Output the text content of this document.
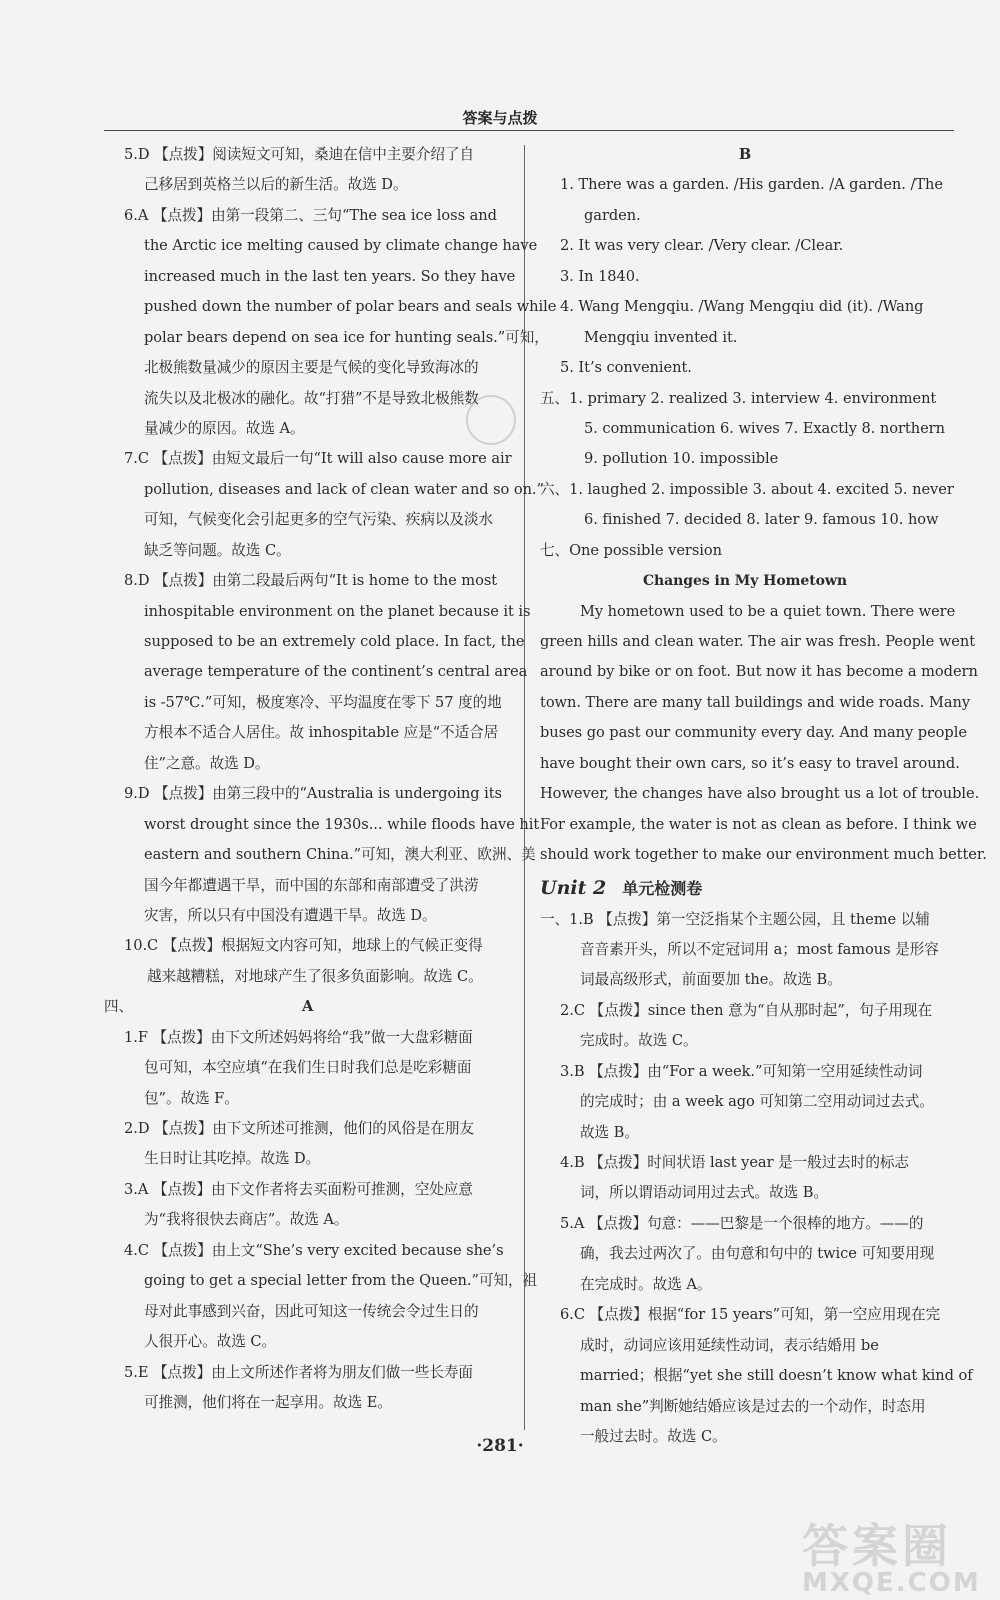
答案与点拨
5.D 【点拨】阅读短文可知，桑迪在信中主要介绍了自
己移居到英格兰以后的新生活。故选 D。
6.A 【点拨】由第一段第二、三句“The sea ice loss and
the Arctic ice melting caused by climate change have
increased much in the last ten years. So they have
pushed down the number of polar bears and seals while
polar bears depend on sea ice for hunting seals.”可知，
北极熊数量减少的原因主要是气候的变化导致海冰的
流失以及北极冰的融化。故“打猎”不是导致北极熊数
量减少的原因。故选 A。
7.C 【点拨】由短文最后一句“It will also cause more air
pollution, diseases and lack of clean water and so on.”
可知，气候变化会引起更多的空气污染、疾病以及淡水
缺乏等问题。故选 C。
8.D 【点拨】由第二段最后两句“It is home to the most
inhospitable environment on the planet because it is
supposed to be an extremely cold place. In fact, the
average temperature of the continent’s central area
is -57℃.”可知，极度寒冷、平均温度在零下 57 度的地
方根本不适合人居住。故 inhospitable 应是“不适合居
住”之意。故选 D。
9.D 【点拨】由第三段中的“Australia is undergoing its
worst drought since the 1930s... while floods have hit
eastern and southern China.”可知，澳大利亚、欧洲、美
国今年都遭遇干旱，而中国的东部和南部遭受了洪涝
灾害，所以只有中国没有遭遇干旱。故选 D。
10.C 【点拨】根据短文内容可知，地球上的气候正变得
越来越糟糕，对地球产生了很多负面影响。故选 C。
四、	A
1.F 【点拨】由下文所述妈妈将给“我”做一大盘彩糖面
包可知，本空应填“在我们生日时我们总是吃彩糖面
包”。故选 F。
2.D 【点拨】由下文所述可推测，他们的风俗是在朋友
生日时让其吃掉。故选 D。
3.A 【点拨】由下文作者将去买面粉可推测，空处应意
为“我将很快去商店”。故选 A。
4.C 【点拨】由上文“She’s very excited because she’s
going to get a special letter from the Queen.”可知，祖
母对此事感到兴奋，因此可知这一传统会令过生日的
人很开心。故选 C。
5.E 【点拨】由上文所述作者将为朋友们做一些长寿面
可推测，他们将在一起享用。故选 E。
B
1. There was a garden. /His garden. /A garden. /The
garden.
2. It was very clear. /Very clear. /Clear.
3. In 1840.
4. Wang Mengqiu. /Wang Mengqiu did (it). /Wang
Mengqiu invented it.
5. It’s convenient.
五、1. primary 2. realized 3. interview 4. environment
5. communication 6. wives 7. Exactly 8. northern
9. pollution 10. impossible
六、1. laughed 2. impossible 3. about 4. excited 5. never
6. finished 7. decided 8. later 9. famous 10. how
七、One possible version
Changes in My Hometown
My hometown used to be a quiet town. There were
green hills and clean water. The air was fresh. People went
around by bike or on foot. But now it has become a modern
town. There are many tall buildings and wide roads. Many
buses go past our community every day. And many people
have bought their own cars, so it’s easy to travel around.
However, the changes have also brought us a lot of trouble.
For example, the water is not as clean as before. I think we
should work together to make our environment much better.
Unit 2 单元检测卷
一、1.B 【点拨】第一空泛指某个主题公园，且 theme 以辅
音音素开头，所以不定冠词用 a；most famous 是形容
词最高级形式，前面要加 the。故选 B。
2.C 【点拨】since then 意为“自从那时起”，句子用现在
完成时。故选 C。
3.B 【点拨】由“For a week.”可知第一空用延续性动词
的完成时；由 a week ago 可知第二空用动词过去式。
故选 B。
4.B 【点拨】时间状语 last year 是一般过去时的标志
词，所以谓语动词用过去式。故选 B。
5.A 【点拨】句意：——巴黎是一个很棒的地方。——的
确，我去过两次了。由句意和句中的 twice 可知要用现
在完成时。故选 A。
6.C 【点拨】根据“for 15 years”可知，第一空应用现在完
成时，动词应该用延续性动词，表示结婚用 be
married；根据“yet she still doesn’t know what kind of
man she”判断她结婚应该是过去的一个动作，时态用
一般过去时。故选 C。
·281·
答案圈
MXQE.COM
